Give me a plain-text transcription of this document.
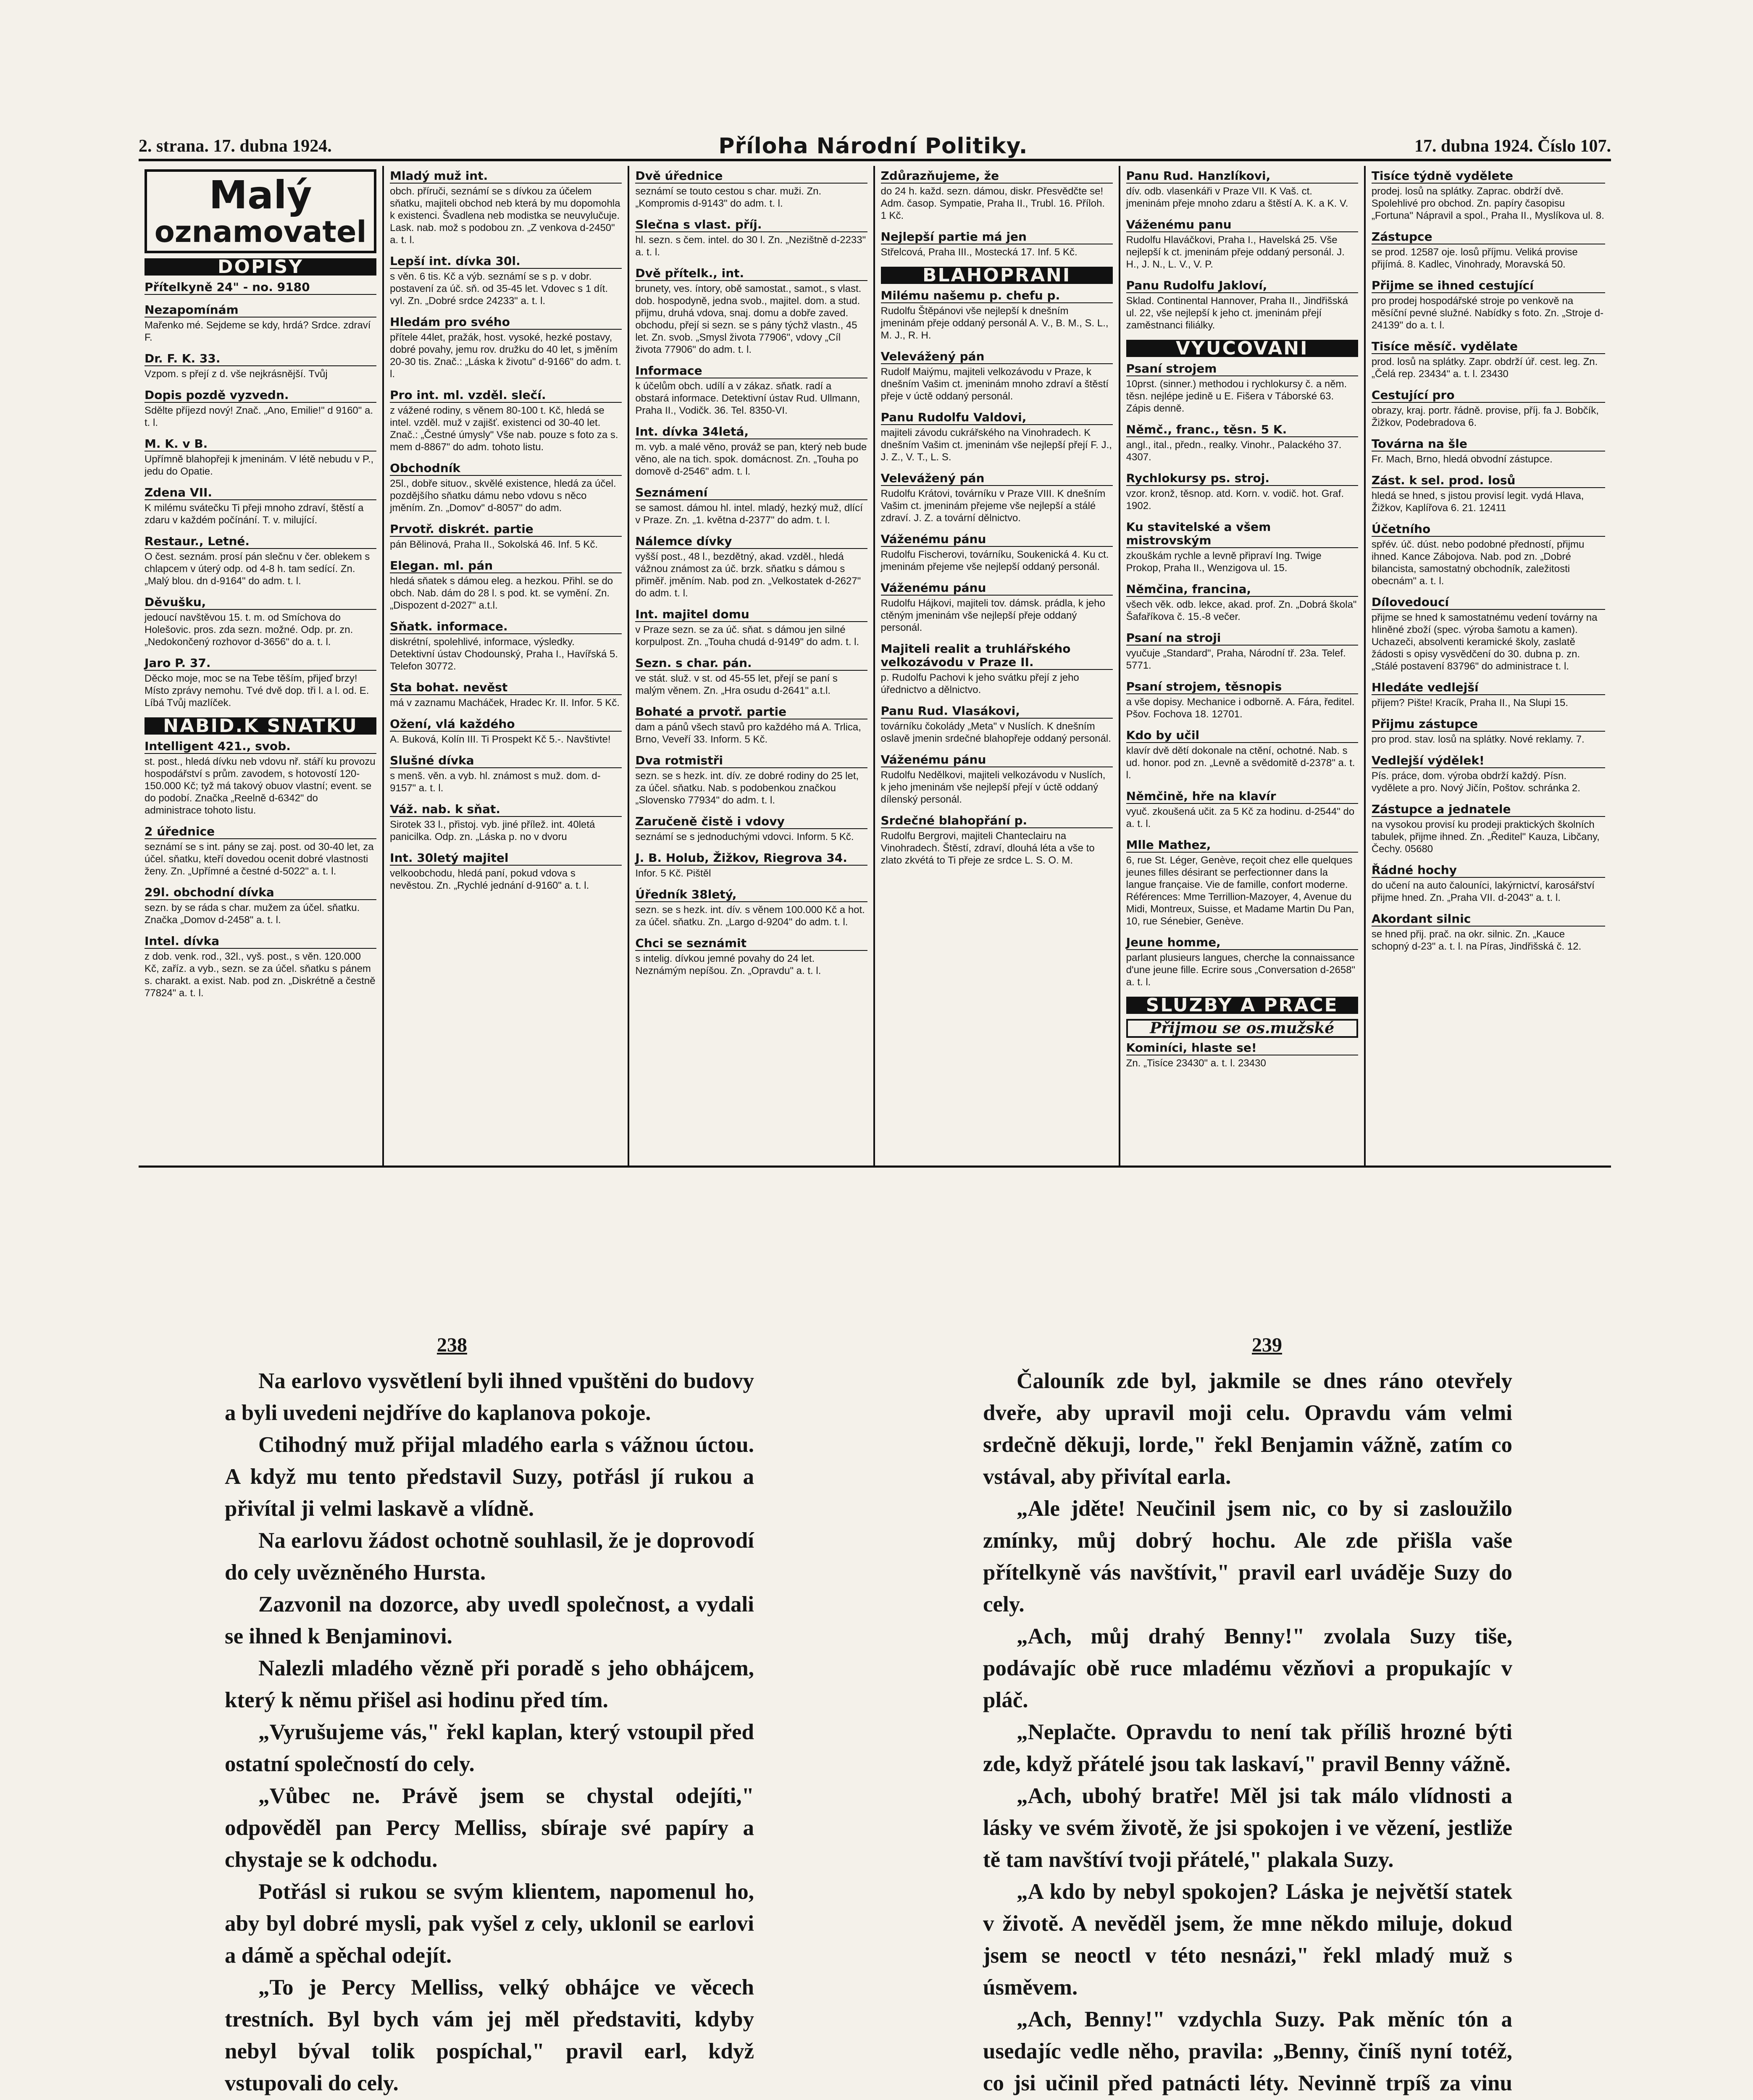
2. strana. 17. dubna 1924.	Příloha Národní Politiky.	17. dubna 1924. Číslo 107.
Malý
oznamovatel
DOPISY
Přítelkyně 24" - no. 9180
Nezapomínám
Mařenko mé. Sejdeme se kdy, hrdá? Srdce. zdraví F.
Dr. F. K. 33.
Vzpom. s přejí z d. vše nejkrásnější. Tvůj
Dopis pozdě vyzvedn.
Sdělte příjezd nový! Znač. „Ano, Emilie!" d 9160" a. t. l.
M. K. v B.
Upřímně blahopřeji k jmeninám. V létě nebudu v P., jedu do Opatie.
Zdena VII.
K milému svátečku Ti přeji mnoho zdraví, štěstí a zdaru v každém počínání. T. v. milující.
Restaur., Letné.
O čest. seznám. prosí pán slečnu v čer. oblekem s chlapcem v úterý odp. od 4-8 h. tam sedící. Zn. „Malý blou. dn d-9164" do adm. t. l.
Děvušku,
jedoucí navštěvou 15. t. m. od Smíchova do Holešovic. pros. zda sezn. možné. Odp. pr. zn. „Nedokončený rozhovor d-3656" do a. t. l.
Jaro P. 37.
Děcko moje, moc se na Tebe těším, přijeď brzy! Místo zprávy nemohu. Tvé dvě dop. tři l. a l. od. E. Líbá Tvůj mazlíček.
NABID.K SŇATKU
Intelligent 421., svob.
st. post., hledá dívku neb vdovu nř. stáří ku provozu hospodářství s prům. zavodem, s hotovostí 120-150.000 Kč; tyž má takový obuov vlastní; event. se do podobí. Značka „Reelně d-6342" do administrace tohoto listu.
2 úřednice
seznámí se s int. pány se zaj. post. od 30-40 let, za účel. sňatku, kteří dovedou ocenit dobré vlastnosti ženy. Zn. „Upřímné a čestné d-5022" a. t. l.
29l. obchodní dívka
sezn. by se ráda s char. mužem za účel. sňatku. Značka „Domov d-2458" a. t. l.
Intel. dívka
z dob. venk. rod., 32l., vyš. post., s věn. 120.000 Kč, zaříz. a vyb., sezn. se za účel. sňatku s pánem s. charakt. a exist. Nab. pod zn. „Diskrétně a čestně 77824" a. t. l.
Mladý muž int.
obch. příruči, seznámí se s dívkou za účelem sňatku, majiteli obchod neb která by mu dopomohla k existenci. Švadlena neb modistka se neuvylučuje. Lask. nab. mož s podobou zn. „Z venkova d-2450" a. t. l.
Lepší int. dívka 30l.
s věn. 6 tis. Kč a výb. seznámí se s p. v dobr. postavení za úč. sň. od 35-45 let. Vdovec s 1 dít. vyl. Zn. „Dobré srdce 24233" a. t. l.
Hledám pro svého
přítele 44let, pražák, host. vysoké, hezké postavy, dobré povahy, jemu rov. družku do 40 let, s jměním 20-30 tis. Znač.: „Láska k životu" d-9166" do adm. t. l.
Pro int. ml. vzděl. slečí.
z vážené rodiny, s věnem 80-100 t. Kč, hledá se intel. vzděl. muž v zajišť. existenci od 30-40 let. Znač.: „Čestné úmysly" Vše nab. pouze s foto za s. mem d-8867" do adm. tohoto listu.
Obchodník
25l., dobře situov., skvělé existence, hledá za účel. pozdějšího sňatku dámu nebo vdovu s něco jměním. Zn. „Domov" d-8057" do adm.
Prvotř. diskrét. partie
pán Bělinová, Praha II., Sokolská 46. Inf. 5 Kč.
Elegan. ml. pán
hledá sňatek s dámou eleg. a hezkou. Přihl. se do obch. Nab. dám do 28 l. s pod. kt. se vymění. Zn. „Dispozent d-2027" a.t.l.
Sňatk. informace.
diskrétní, spolehlivé, informace, výsledky. Detektivní ústav Chodounský, Praha I., Havířská 5. Telefon 30772.
Sta bohat. nevěst
má v zaznamu Macháček, Hradec Kr. II. Infor. 5 Kč.
Ožení, vlá každého
A. Buková, Kolín III. Ti Prospekt Kč 5.-. Navštivte!
Slušné dívka
s menš. věn. a vyb. hl. známost s muž. dom. d-9157" a. t. l.
Váž. nab. k sňat.
Sirotek 33 l., přistoj. vyb. jiné přílež. int. 40letá panicilka. Odp. zn. „Láska p. no v dvoru
Int. 30letý majitel
velkoobchodu, hledá paní, pokud vdova s nevěstou. Zn. „Rychlé jednání d-9160" a. t. l.
Dvě úřednice
seznámí se touto cestou s char. muži. Zn. „Kompromis d-9143" do adm. t. l.
Slečna s vlast. příj.
hl. sezn. s čem. intel. do 30 l. Zn. „Nezištně d-2233" a. t. l.
Dvě přítelk., int.
brunety, ves. íntory, obě samostat., samot., s vlast. dob. hospodyně, jedna svob., majitel. dom. a stud. přijmu, druhá vdova, snaj. domu a dobře zaved. obchodu, přejí si sezn. se s pány týchž vlastn., 45 let. Zn. svob. „Smysl života 77906", vdovy „Cíl života 77906" do adm. t. l.
Informace
k účelům obch. udílí a v zákaz. sňatk. radí a obstará informace. Detektivní ústav Rud. Ullmann, Praha II., Vodičk. 36. Tel. 8350-VI.
Int. dívka 34letá,
m. vyb. a malé věno, prováž se pan, který neb bude věno, ale na tich. spok. domácnost. Zn. „Touha po domově d-2546" adm. t. l.
Seznámení
se samost. dámou hl. intel. mladý, hezký muž, dlící v Praze. Zn. „1. května d-2377" do adm. t. l.
Nálemce dívky
vyšší post., 48 l., bezdětný, akad. vzděl., hledá vážnou známost za úč. brzk. sňatku s dámou s přiměř. jměním. Nab. pod zn. „Velkostatek d-2627" do adm. t. l.
Int. majitel domu
v Praze sezn. se za úč. sňat. s dámou jen silné korpulpost. Zn. „Touha chudá d-9149" do adm. t. l.
Sezn. s char. pán.
ve stát. služ. v st. od 45-55 let, přejí se paní s malým věnem. Zn. „Hra osudu d-2641" a.t.l.
Bohaté a prvotř. partie
dam a pánů všech stavů pro každého má A. Trlica, Brno, Veveří 33. Inform. 5 Kč.
Dva rotmistři
sezn. se s hezk. int. dív. ze dobré rodiny do 25 let, za účel. sňatku. Nab. s podobenkou značkou „Slovensko 77934" do adm. t. l.
Zaručeně čistě i vdovy
seznámí se s jednoduchými vdovci. Inform. 5 Kč.
J. B. Holub, Žižkov, Riegrova 34.
Infor. 5 Kč. Pištěl
Úředník 38letý,
sezn. se s hezk. int. dív. s věnem 100.000 Kč a hot. za účel. sňatku. Zn. „Largo d-9204" do adm. t. l.
Chci se seznámit
s intelig. dívkou jemné povahy do 24 let. Neznámým nepíšou. Zn. „Opravdu" a. t. l.
Zdůrazňujeme, že
do 24 h. každ. sezn. dámou, diskr. Přesvědčte se! Adm. časop. Sympatie, Praha II., Trubl. 16. Příloh. 1 Kč.
Nejlepší partie má jen
Střelcová, Praha III., Mostecká 17. Inf. 5 Kč.
BLAHOPRÁNÍ
Milému našemu p. chefu p.
Rudolfu Štěpánovi vše nejlepší k dnešním jmeninám přeje oddaný personál A. V., B. M., S. L., M. J., R. H.
Velevážený pán
Rudolf Maiýmu, majiteli velkozávodu v Praze, k dnešním Vašim ct. jmeninám mnoho zdraví a štěstí přeje v úctě oddaný personál.
Panu Rudolfu Valdovi,
majiteli závodu cukrářského na Vinohradech. K dnešním Vašim ct. jmeninám vše nejlepší přejí F. J., J. Z., V. T., L. S.
Velevážený pán
Rudolfu Krátovi, továrníku v Praze VIII. K dnešním Vašim ct. jmeninám přejeme vše nejlepší a stálé zdraví. J. Z. a tovární dělnictvo.
Váženému pánu
Rudolfu Fischerovi, továrníku, Soukenická 4. Ku ct. jmeninám přejeme vše nejlepší oddaný personál.
Váženému pánu
Rudolfu Hájkovi, majiteli tov. dámsk. prádla, k jeho ctěným jmeninám vše nejlepší přeje oddaný personál.
Majiteli realit a truhlářského velkozávodu v Praze II.
p. Rudolfu Pachovi k jeho svátku přejí z jeho úřednictvo a dělnictvo.
Panu Rud. Vlasákovi,
továrníku čokolády „Meta" v Nuslích. K dnešním oslavě jmenin srdečné blahopřeje oddaný personál.
Váženému pánu
Rudolfu Nedělkovi, majiteli velkozávodu v Nuslích, k jeho jmeninám vše nejlepší přejí v úctě oddaný dílenský personál.
Srdečné blahopřání p.
Rudolfu Bergrovi, majiteli Chanteclairu na Vinohradech. Štěstí, zdraví, dlouhá léta a vše to zlato zkvétá to Ti přeje ze srdce L. S. O. M.
Panu Rud. Hanzlíkovi,
dív. odb. vlasenkáři v Praze VII. K Vaš. ct. jmeninám přeje mnoho zdaru a štěstí A. K. a K. V.
Váženému panu
Rudolfu Hlaváčkovi, Praha I., Havelská 25. Vše nejlepší k ct. jmeninám přeje oddaný personál. J. H., J. N., L. V., V. P.
Panu Rudolfu Jakloví,
Sklad. Continental Hannover, Praha II., Jindřišská ul. 22, vše nejlepší k jeho ct. jmeninám přejí zaměstnanci filiálky.
VYUČOVÁNÍ
Psaní strojem
10prst. (sinner.) methodou i rychlokursy č. a něm. těsn. nejlépe jedině u E. Fišera v Táborské 63. Zápis denně.
Němč., franc., těsn. 5 K.
angl., ital., předn., realky. Vinohr., Palackého 37. 4307.
Rychlokursy ps. stroj.
vzor. kronž, těsnop. atd. Korn. v. vodič. hot. Graf. 1902.
Ku stavitelské a všem mistrovským
zkouškám rychle a levně připraví Ing. Twige Prokop, Praha II., Wenzigova ul. 15.
Němčina, francina,
všech věk. odb. lekce, akad. prof. Zn. „Dobrá škola" Šafaříkova č. 15.-8 večer.
Psaní na stroji
vyučuje „Standard", Praha, Národní tř. 23a. Telef. 5771.
Psaní strojem, těsnopis
a vše dopisy. Mechanice i odborně. A. Fára, ředitel. Pšov. Fochova 18. 12701.
Kdo by učil
klavír dvě dětí dokonale na ctění, ochotné. Nab. s ud. honor. pod zn. „Levně a svědomitě d-2378" a. t. l.
Němčině, hře na klavír
vyuč. zkoušená učit. za 5 Kč za hodinu. d-2544" do a. t. l.
Mlle Mathez,
6, rue St. Léger, Genève, reçoit chez elle quelques jeunes filles désirant se perfectionner dans la langue française. Vie de famille, confort moderne. Références: Mme Terrillion-Mazoyer, 4, Avenue du Midi, Montreux, Suisse, et Madame Martin Du Pan, 10, rue Sénebier, Genève.
Jeune homme,
parlant plusieurs langues, cherche la connaissance d'une jeune fille. Ecrire sous „Conversation d-2658" a. t. l.
SLUŽBY A PRÁCE
Přijmou se os.mužské
Kominíci, hlaste se!
Zn. „Tisíce 23430" a. t. l. 23430
Tisíce týdně vydělete
prodej. losů na splátky. Zaprac. obdrží dvě. Spolehlivé pro obchod. Zn. papíry časopisu „Fortuna" Nápravil a spol., Praha II., Myslíkova ul. 8.
Zástupce
se prod. 12587 oje. losů příjmu. Veliká provise přijímá. 8. Kadlec, Vinohrady, Moravská 50.
Přijme se ihned cestující
pro prodej hospodářské stroje po venkově na měsíční pevné služné. Nabídky s foto. Zn. „Stroje d-24139" do a. t. l.
Tisíce měsíč. vydělate
prod. losů na splátky. Zapr. obdrží úř. cest. leg. Zn. „Čelá rep. 23434" a. t. l. 23430
Cestující pro
obrazy, kraj. portr. řádně. provise, příj. fa J. Bobčík, Žižkov, Podebradova 6.
Továrna na šle
Fr. Mach, Brno, hledá obvodní zástupce.
Zást. k sel. prod. losů
hledá se hned, s jistou provisí legit. vydá Hlava, Žižkov, Kaplířova 6. 21. 12411
Účetního
spřév. úč. dúst. nebo podobné předností, přijmu ihned. Kance Zábojova. Nab. pod zn. „Dobré bilancista, samostatný obchodník, zaležitosti obecnám" a. t. l.
Dílovedoucí
přijme se hned k samostatnému vedení továrny na hliněné zboží (spec. výroba šamotu a kamen). Uchazeči, absolventi keramické školy, zaslatě žádosti s opisy vysvědčení do 30. dubna p. zn. „Stálé postavení 83796" do administrace t. l.
Hledáte vedlejší
přijem? Pište! Kracík, Praha II., Na Slupi 15.
Přijmu zástupce
pro prod. stav. losů na splátky. Nové reklamy. 7.
Vedlejší výdělek!
Pís. práce, dom. výroba obdrží každý. Písn. vydělete a pro. Nový Jičín, Poštov. schránka 2.
Zástupce a jednatele
na vysokou provisí ku prodeji praktických školních tabulek, přijme ihned. Zn. „Ředitel" Kauza, Libčany, Čechy. 05680
Řádné hochy
do učení na auto čalouníci, lakýrnictví, karosářství přijme hned. Zn. „Praha VII. d-2043" a. t. l.
Akordant silnic
se hned přij. prač. na okr. silnic. Zn. „Kauce schopný d-23" a. t. l. na Píras, Jindřišská č. 12.
238	239

Na earlovo vysvětlení byli ihned vpuštěni do budovy a byli uvedeni nejdříve do kaplanova pokoje.

Ctihodný muž přijal mladého earla s vážnou úctou. A když mu tento představil Suzy, potřásl jí rukou a přivítal ji velmi laskavě a vlídně.

Na earlovu žádost ochotně souhlasil, že je doprovodí do cely uvězněného Hursta.

Zazvonil na dozorce, aby uvedl společnost, a vydali se ihned k Benjaminovi.

Nalezli mladého vězně při poradě s jeho obhájcem, který k němu přišel asi hodinu před tím.

„Vyrušujeme vás," řekl kaplan, který vstoupil před ostatní společností do cely.

„Vůbec ne. Právě jsem se chystal odejíti," odpověděl pan Percy Melliss, sbíraje své papíry a chystaje se k odchodu.

Potřásl si rukou se svým klientem, napomenul ho, aby byl dobré mysli, pak vyšel z cely, uklonil se earlovi a dámě a spěchal odejít.

„To je Percy Melliss, velký obhájce ve věcech trestních. Byl bych vám jej měl představiti, kdyby nebyl býval tolik pospíchal," pravil earl, když vstupovali do cely.

Čalouník zde byl, jakmile se dnes ráno otevřely dveře, aby upravil moji celu. Opravdu vám velmi srdečně děkuji, lorde," řekl Benjamin vážně, zatím co vstával, aby přivítal earla.

„Ale jděte! Neučinil jsem nic, co by si zasloužilo zmínky, můj dobrý hochu. Ale zde přišla vaše přítelkyně vás navštívit," pravil earl uváděje Suzy do cely.

„Ach, můj drahý Benny!" zvolala Suzy tiše, podávajíc obě ruce mladému vězňovi a propukajíc v pláč.

„Neplačte. Opravdu to není tak příliš hrozné býti zde, když přátelé jsou tak laskaví," pravil Benny vážně.

„Ach, ubohý bratře! Měl jsi tak málo vlídnosti a lásky ve svém životě, že jsi spokojen i ve vězení, jestliže tě tam navštíví tvoji přátelé," plakala Suzy.

„A kdo by nebyl spokojen? Láska je největší statek v životě. A nevěděl jsem, že mne někdo miluje, dokud jsem se neoctl v této nesnázi," řekl mladý muž s úsměvem.

„Ach, Benny!" vzdychla Suzy. Pak měníc tón a usedajíc vedle něho, pravila: „Benny, činíš nyní totéž, co jsi učinil před patnácti léty. Nevinně trpíš za vinu
